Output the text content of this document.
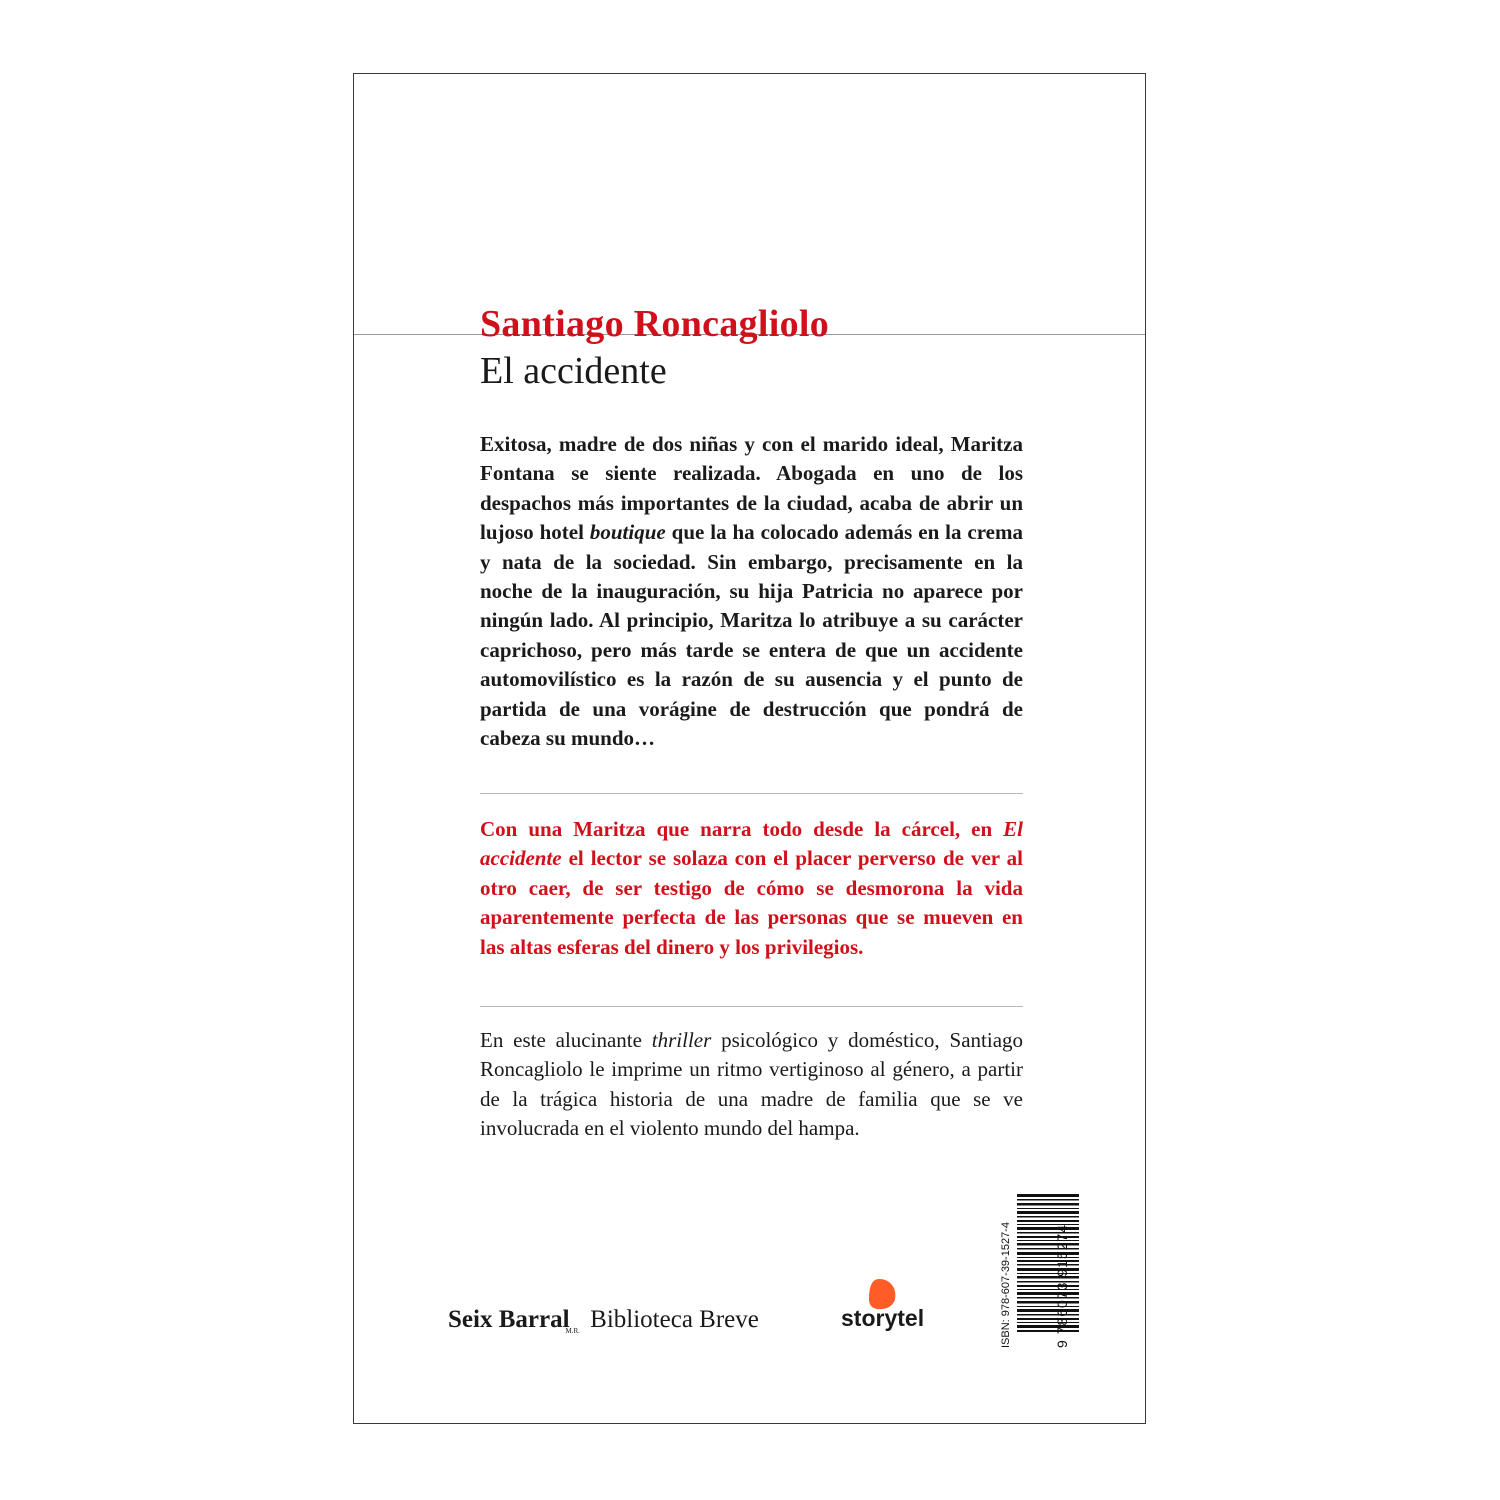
Santiago Roncagliolo
El accidente

Exitosa, madre de dos niñas y con el marido ideal, Maritza Fontana se siente realizada. Abogada en uno de los despachos más importantes de la ciudad, acaba de abrir un lujoso hotel boutique que la ha colocado además en la crema y nata de la sociedad. Sin embargo, precisamente en la noche de la inauguración, su hija Patricia no aparece por ningún lado. Al principio, Maritza lo atribuye a su carácter caprichoso, pero más tarde se entera de que un accidente automovilístico es la razón de su ausencia y el punto de partida de una vorágine de destrucción que pondrá de cabeza su mundo…

Con una Maritza que narra todo desde la cárcel, en El accidente el lector se solaza con el placer perverso de ver al otro caer, de ser testigo de cómo se desmorona la vida aparentemente perfecta de las personas que se mueven en las altas esferas del dinero y los privilegios.

En este alucinante thriller psicológico y doméstico, Santiago Roncagliolo le imprime un ritmo vertiginoso al género, a partir de la trágica historia de una madre de familia que se ve involucrada en el violento mundo del hampa.

Seix Barral$_{M.R.}$ Biblioteca Breve	storytel	ISBN: 978-607-39-1527-4	9 786073 915274
